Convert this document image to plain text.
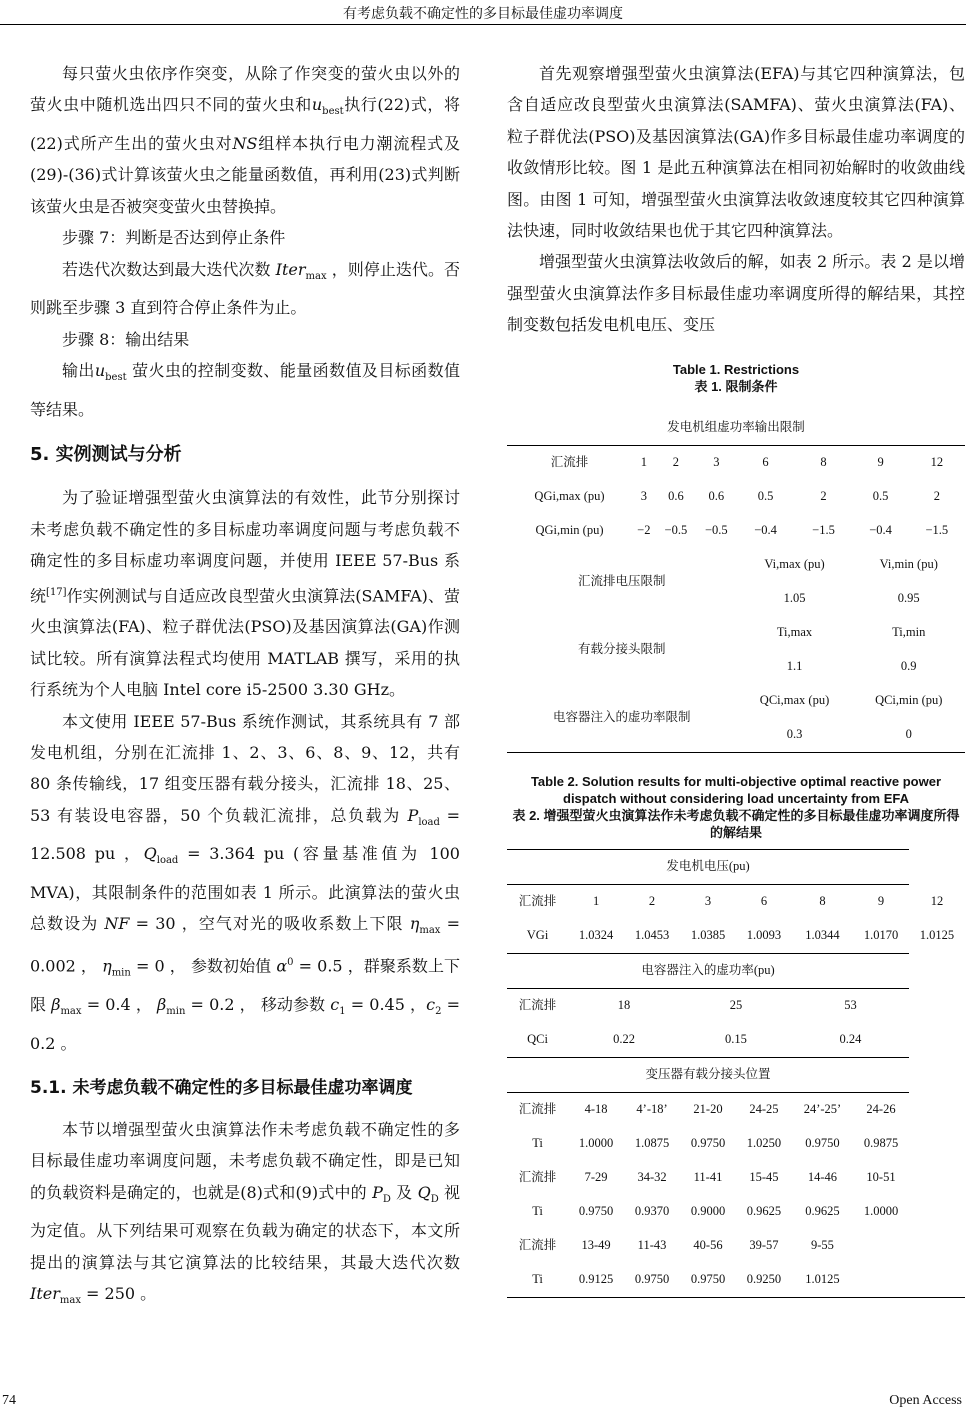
有考虑负载不确定性的多目标最佳虚功率调度
每只萤火虫依序作突变，从除了作突变的萤火虫以外的萤火虫中随机选出四只不同的萤火虫和$u_{best}$执行(22)式，将(22)式所产生出的萤火虫对NS组样本执行电力潮流程式及(29)-(36)式计算该萤火虫之能量函数值，再利用(23)式判断该萤火虫是否被突变萤火虫替换掉。
步骤 7：判断是否达到停止条件
若迭代次数达到最大迭代次数 Iter$_{max}$ ，则停止迭代。否则跳至步骤 3 直到符合停止条件为止。
步骤 8：输出结果
输出$u_{best}$ 萤火虫的控制变数、能量函数值及目标函数值等结果。
5. 实例测试与分析
为了验证增强型萤火虫演算法的有效性，此节分别探讨未考虑负载不确定性的多目标虚功率调度问题与考虑负载不确定性的多目标虚功率调度问题，并使用 IEEE 57-Bus 系统[17]作实例测试与自适应改良型萤火虫演算法(SAMFA)、萤火虫演算法(FA)、粒子群优法(PSO)及基因演算法(GA)作测试比较。所有演算法程式均使用 MATLAB 撰写，采用的执行系统为个人电脑 Intel core i5-2500 3.30 GHz。
本文使用 IEEE 57-Bus 系统作测试，其系统具有 7 部发电机组，分别在汇流排 1、2、3、6、8、9、12，共有 80 条传输线，17 组变压器有载分接头，汇流排 18、25、53 有装设电容器，50 个负载汇流排，总负载为 $P_{load} = 12.508$ pu ，$Q_{load} = 3.364$ pu (容量基准值为 100 MVA)，其限制条件的范围如表 1 所示。此演算法的萤火虫总数设为 NF = 30 ，空气对光的吸收系数上下限 $\eta_{max} = 0.002$ ， $\eta_{min} = 0$ ， 参数初始值 $\alpha^0 = 0.5$ ，群聚系数上下限 $\beta_{max} = 0.4$ ， $\beta_{min} = 0.2$ ， 移动参数 $c_1 = 0.45$ ，$c_2 = 0.2$ 。
5.1. 未考虑负载不确定性的多目标最佳虚功率调度
本节以增强型萤火虫演算法作未考虑负载不确定性的多目标最佳虚功率调度问题，未考虑负载不确定性，即是已知的负载资料是确定的，也就是(8)式和(9)式中的 $P_D$ 及 $Q_D$ 视为定值。从下列结果可观察在负载为确定的状态下，本文所提出的演算法与其它演算法的比较结果，其最大迭代次数 Iter$_{max}$ = 250 。
首先观察增强型萤火虫演算法(EFA)与其它四种演算法，包含自适应改良型萤火虫演算法(SAMFA)、萤火虫演算法(FA)、粒子群优法(PSO)及基因演算法(GA)作多目标最佳虚功率调度的收敛情形比较。图 1 是此五种演算法在相同初始解时的收敛曲线图。由图 1 可知，增强型萤火虫演算法收敛速度较其它四种演算法快速，同时收敛结果也优于其它四种演算法。
增强型萤火虫演算法收敛后的解，如表 2 所示。表 2 是以增强型萤火虫演算法作多目标最佳虚功率调度所得的解结果，其控制变数包括发电机电压、变压
Table 1. Restrictions
表 1. 限制条件
发电机组虚功率输出限制							
汇流排	1	2	3	6	8	9	12
QGi,max (pu)	3	0.6	0.6	0.5	2	0.5	2
QGi,min (pu)	−2	−0.5	−0.5	−0.4	−1.5	−0.4	−1.5
汇流排电压限制				Vi,max (pu)		Vi,min (pu)	
				1.05		0.95	
有载分接头限制				Ti,max		Ti,min	
				1.1		0.9	
电容器注入的虚功率限制				QCi,max (pu)		QCi,min (pu)	
				0.3		0	
Table 2. Solution results for multi-objective optimal reactive power dispatch without considering load uncertainty from EFA
表 2. 增强型萤火虫演算法作未考虑负载不确定性的多目标最佳虚功率调度所得的解结果
发电机电压(pu)							
汇流排	1	2	3	6	8	9	12
VGi	1.0324	1.0453	1.0385	1.0093	1.0344	1.0170	1.0125
电容器注入的虚功率(pu)							
汇流排	18		25		53		
QCi	0.22		0.15		0.24		
变压器有载分接头位置							
汇流排	4-18	4’-18’	21-20	24-25	24’-25’	24-26	
Ti	1.0000	1.0875	0.9750	1.0250	0.9750	0.9875	
汇流排	7-29	34-32	11-41	15-45	14-46	10-51	
Ti	0.9750	0.9370	0.9000	0.9625	0.9625	1.0000	
汇流排	13-49	11-43	40-56	39-57	9-55		
Ti	0.9125	0.9750	0.9750	0.9250	1.0125		
74	Open Access
